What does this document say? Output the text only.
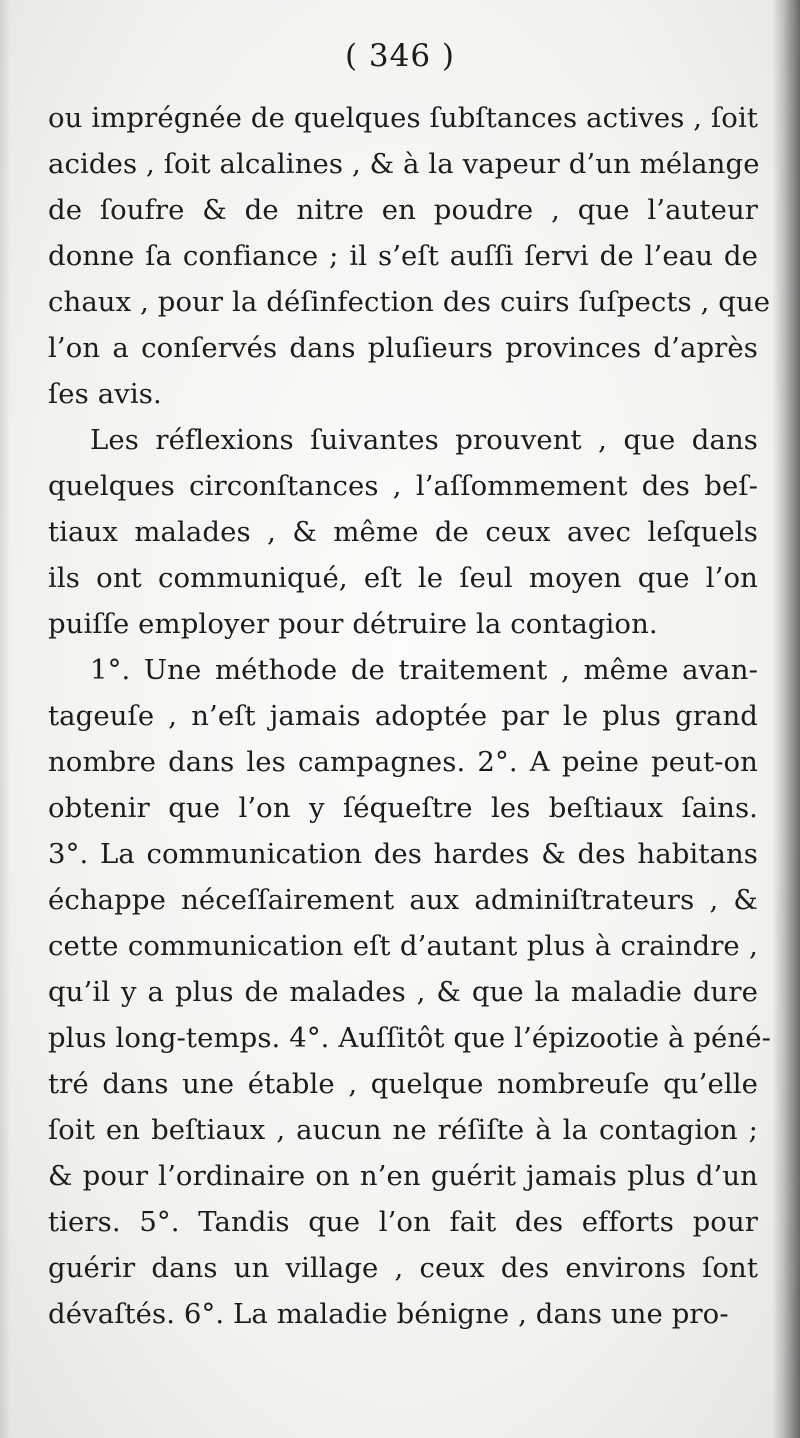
( 346 )
ou imprégnée de quelques ſubſtances actives , ſoit
acides , ſoit alcalines , & à la vapeur d’un mélange
de ſoufre & de nitre en poudre , que l’auteur
donne ſa confiance ; il s’eſt auſſi ſervi de l’eau de
chaux , pour la déſinfection des cuirs ſuſpects , que
l’on a conſervés dans pluſieurs provinces d’après
ſes avis.
Les réflexions ſuivantes prouvent , que dans
quelques circonſtances , l’aſſommement des beſ-
tiaux malades , & même de ceux avec leſquels
ils ont communiqué, eſt le ſeul moyen que l’on
puiſſe employer pour détruire la contagion.
1°. Une méthode de traitement , même avan-
tageuſe , n’eſt jamais adoptée par le plus grand
nombre dans les campagnes. 2°. A peine peut-on
obtenir que l’on y ſéqueſtre les beſtiaux ſains.
3°. La communication des hardes & des habitans
échappe néceſſairement aux adminiſtrateurs , &
cette communication eſt d’autant plus à craindre ,
qu’il y a plus de malades , & que la maladie dure
plus long-temps. 4°. Auſſitôt que l’épizootie à péné-
tré dans une étable , quelque nombreuſe qu’elle
ſoit en beſtiaux , aucun ne réſiſte à la contagion ;
& pour l’ordinaire on n’en guérit jamais plus d’un
tiers. 5°. Tandis que l’on fait des efforts pour
guérir dans un village , ceux des environs ſont
dévaſtés. 6°. La maladie bénigne , dans une pro-
